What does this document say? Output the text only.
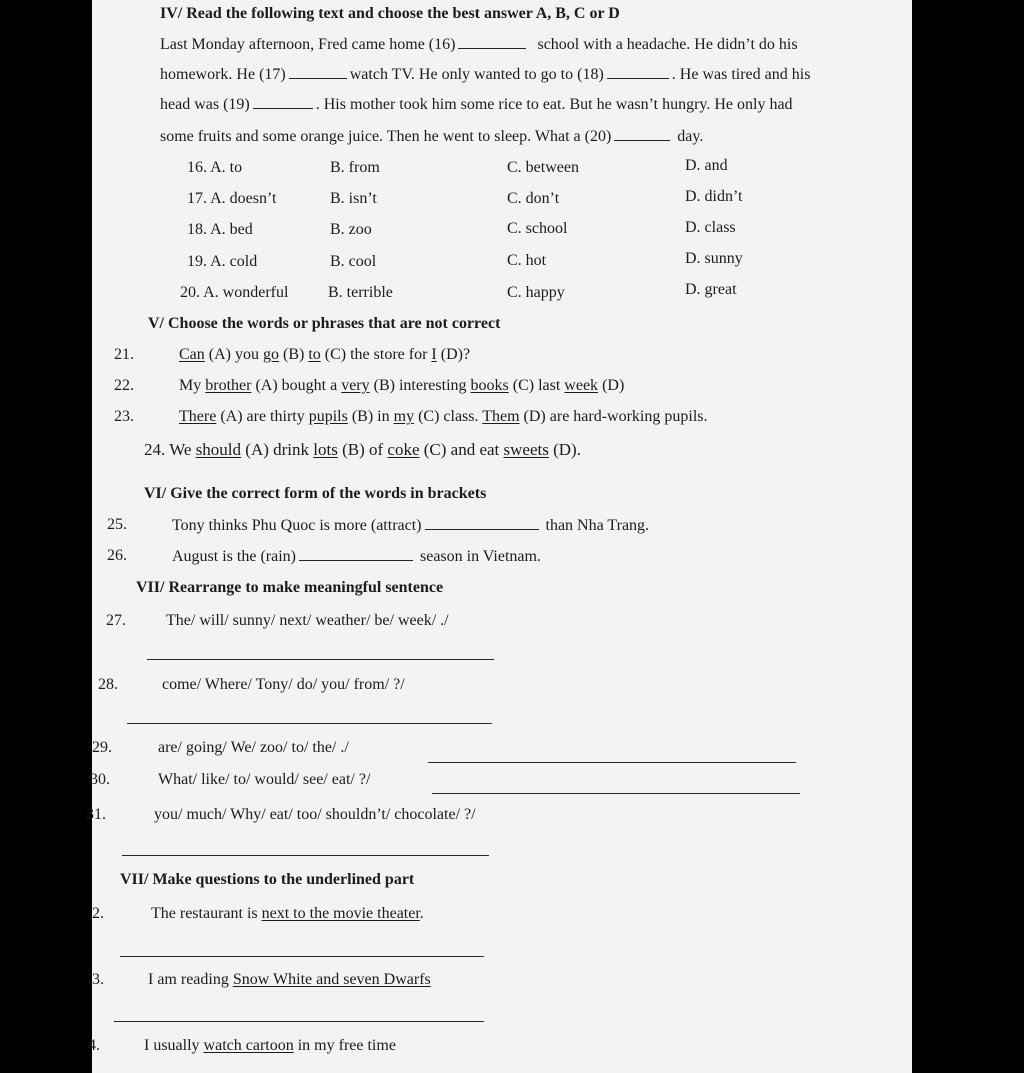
IV/ Read the following text and choose the best answer A, B, C or D
Last Monday afternoon, Fred came home (16)	school with a headache. He didn’t do his
homework. He (17)	watch TV. He only wanted to go to (18)	. He was tired and his
head was (19)	. His mother took him some rice to eat. But he wasn’t hungry. He only had
some fruits and some orange juice. Then he went to sleep. What a (20)	day.
16. A. to	B. from	C. between	D. and
17. A. doesn’t	B. isn’t	C. don’t	D. didn’t
18. A. bed	B. zoo	C. school	D. class
19. A. cold	B. cool	C. hot	D. sunny
20. A. wonderful B. terrible	C. happy	D. great
V/ Choose the words or phrases that are not correct
21.	Can (A) you go (B) to (C) the store for I (D)?
22.	My brother (A) bought a very (B) interesting books (C) last week (D)
23.	There (A) are thirty pupils (B) in my (C) class. Them (D) are hard-working pupils.
24. We should (A) drink lots (B) of coke (C) and eat sweets (D).
VI/ Give the correct form of the words in brackets
25.	Tony thinks Phu Quoc is more (attract)	than Nha Trang.
26.	August is the (rain)	season in Vietnam.
VII/ Rearrange to make meaningful sentence
27.	The/ will/ sunny/ next/ weather/ be/ week/ ./
28.	come/ Where/ Tony/ do/ you/ from/ ?/
29.	are/ going/ We/ zoo/ to/ the/ ./
30.	What/ like/ to/ would/ see/ eat/ ?/
31.	you/ much/ Why/ eat/ too/ shouldn’t/ chocolate/ ?/
VII/ Make questions to the underlined part
2.	The restaurant is next to the movie theater.
3.	I am reading Snow White and seven Dwarfs
4.	I usually watch cartoon in my free time
